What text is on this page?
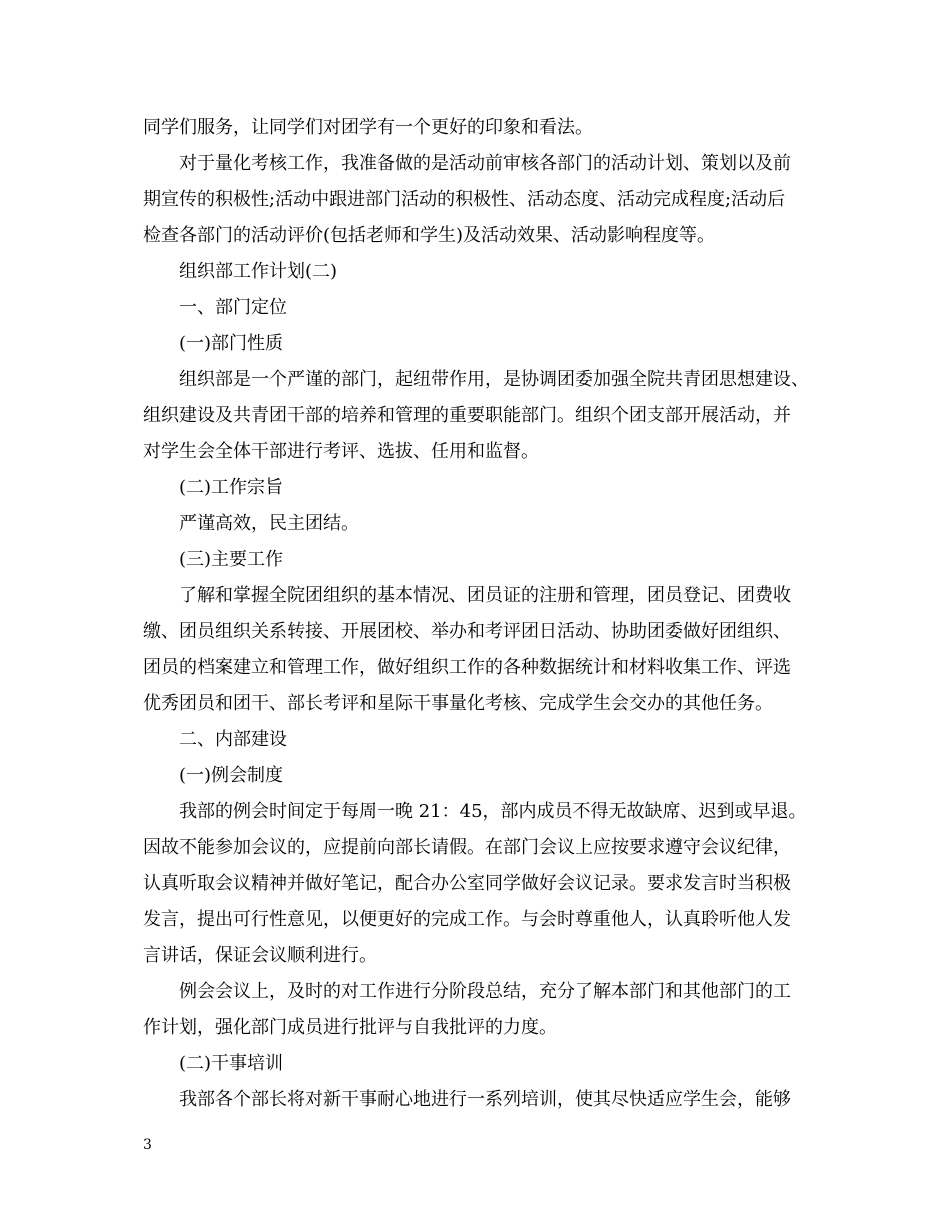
同学们服务，让同学们对团学有一个更好的印象和看法。
对于量化考核工作，我准备做的是活动前审核各部门的活动计划、策划以及前
期宣传的积极性;活动中跟进部门活动的积极性、活动态度、活动完成程度;活动后
检查各部门的活动评价(包括老师和学生)及活动效果、活动影响程度等。
组织部工作计划(二)
一、部门定位
(一)部门性质
组织部是一个严谨的部门，起纽带作用，是协调团委加强全院共青团思想建设、
组织建设及共青团干部的培养和管理的重要职能部门。组织个团支部开展活动，并
对学生会全体干部进行考评、选拔、任用和监督。
(二)工作宗旨
严谨高效，民主团结。
(三)主要工作
了解和掌握全院团组织的基本情况、团员证的注册和管理，团员登记、团费收
缴、团员组织关系转接、开展团校、举办和考评团日活动、协助团委做好团组织、
团员的档案建立和管理工作，做好组织工作的各种数据统计和材料收集工作、评选
优秀团员和团干、部长考评和星际干事量化考核、完成学生会交办的其他任务。
二、内部建设
(一)例会制度
我部的例会时间定于每周一晚 21：45，部内成员不得无故缺席、迟到或早退。
因故不能参加会议的，应提前向部长请假。在部门会议上应按要求遵守会议纪律，
认真听取会议精神并做好笔记，配合办公室同学做好会议记录。要求发言时当积极
发言，提出可行性意见，以便更好的完成工作。与会时尊重他人，认真聆听他人发
言讲话，保证会议顺利进行。
例会会议上，及时的对工作进行分阶段总结，充分了解本部门和其他部门的工
作计划，强化部门成员进行批评与自我批评的力度。
(二)干事培训
我部各个部长将对新干事耐心地进行一系列培训，使其尽快适应学生会，能够
3
